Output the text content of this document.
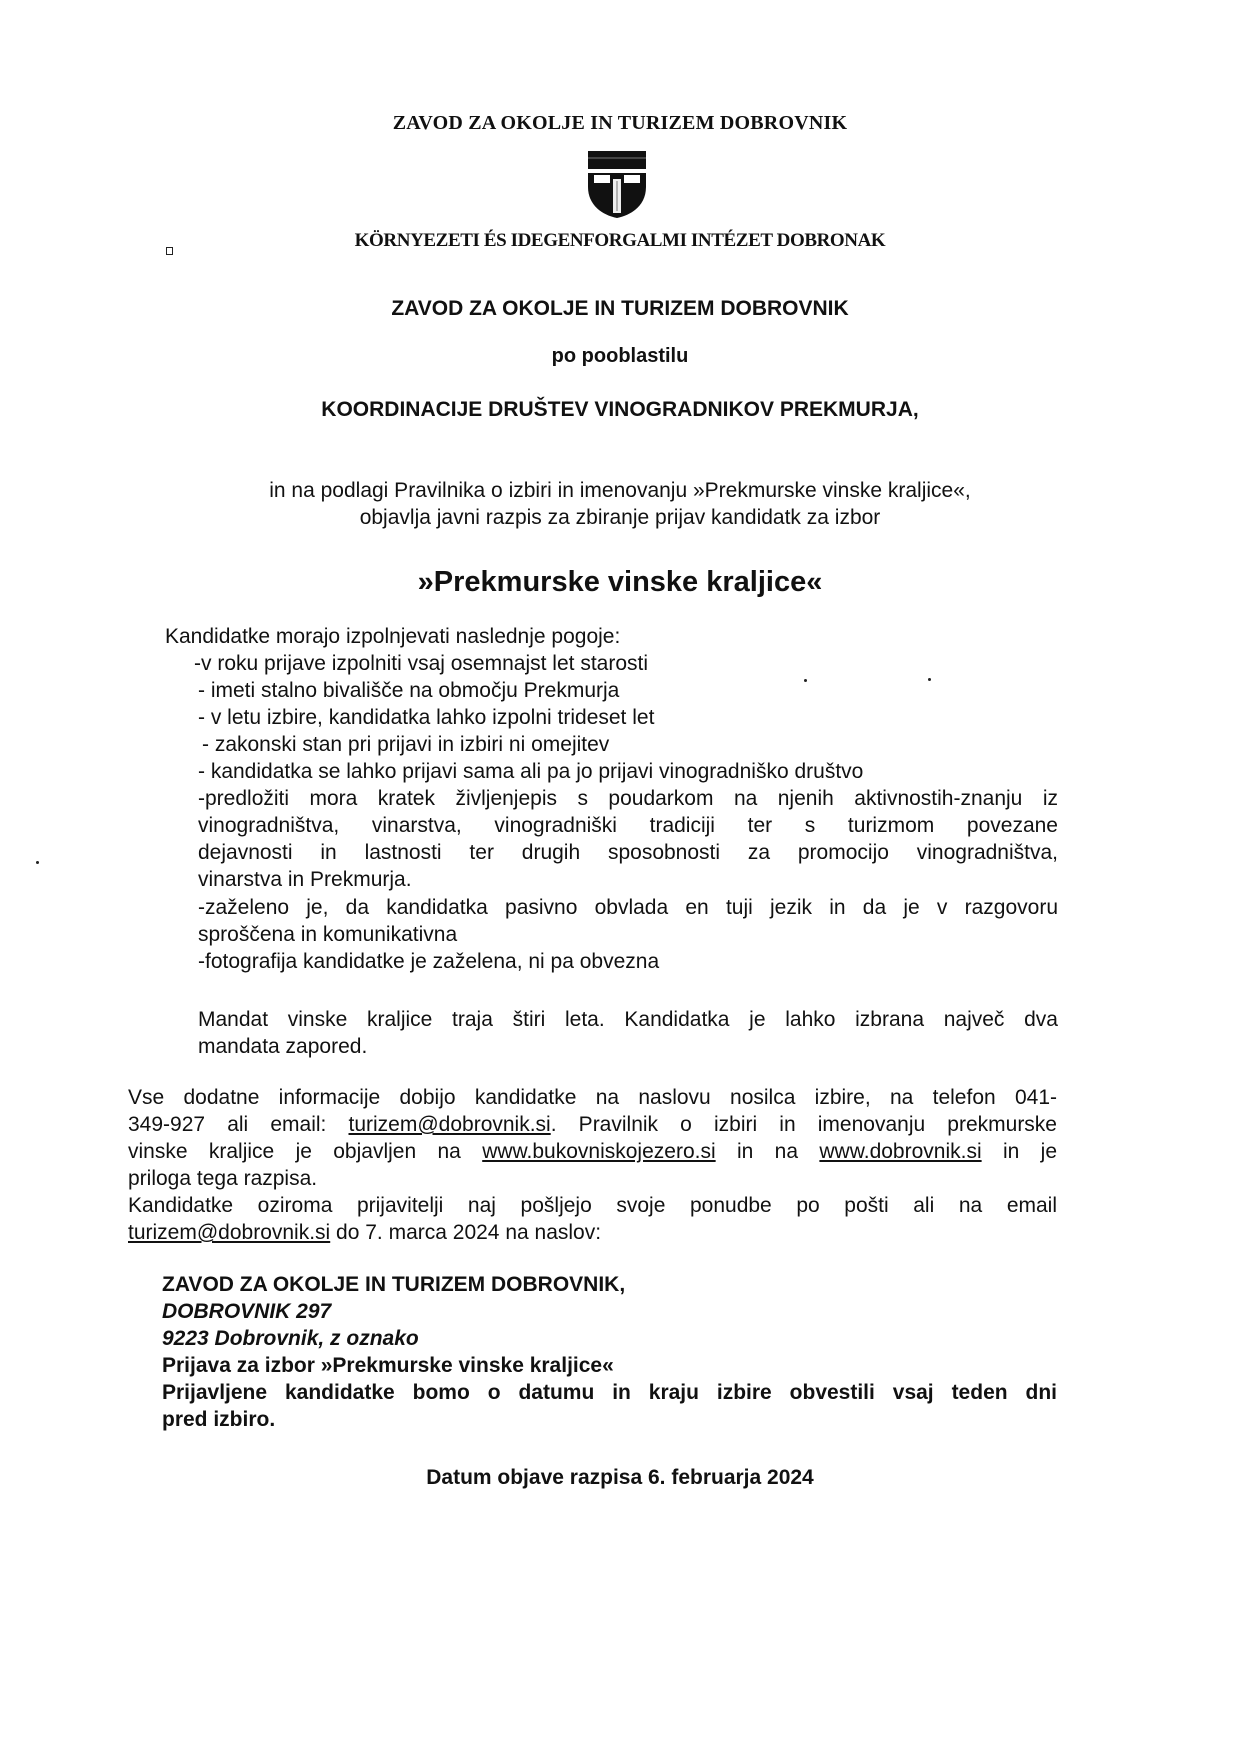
ZAVOD ZA OKOLJE IN TURIZEM DOBROVNIK
KÖRNYEZETI ÉS IDEGENFORGALMI INTÉZET DOBRONAK
ZAVOD ZA OKOLJE IN TURIZEM DOBROVNIK
po pooblastilu
KOORDINACIJE DRUŠTEV VINOGRADNIKOV PREKMURJA,
in na podlagi Pravilnika o izbiri in imenovanju »Prekmurske vinske kraljice«,
objavlja javni razpis za zbiranje prijav kandidatk za izbor
»Prekmurske vinske kraljice«
Kandidatke morajo izpolnjevati naslednje pogoje:
-v roku prijave izpolniti vsaj osemnajst let starosti
- imeti stalno bivališče na območju Prekmurja
- v letu izbire, kandidatka lahko izpolni trideset let
- zakonski stan pri prijavi in izbiri ni omejitev
- kandidatka se lahko prijavi sama ali pa jo prijavi vinogradniško društvo
-predložiti mora kratek življenjepis s poudarkom na njenih aktivnostih-znanju iz
vinogradništva, vinarstva, vinogradniški tradiciji ter s turizmom povezane
dejavnosti in lastnosti ter drugih sposobnosti za promocijo vinogradništva,
vinarstva in Prekmurja.
-zaželeno je, da kandidatka pasivno obvlada en tuji jezik in da je v razgovoru
sproščena in komunikativna
-fotografija kandidatke je zaželena, ni pa obvezna
Mandat vinske kraljice traja štiri leta. Kandidatka je lahko izbrana največ dva
mandata zapored.
Vse dodatne informacije dobijo kandidatke na naslovu nosilca izbire, na telefon 041-
349-927 ali email: turizem@dobrovnik.si. Pravilnik o izbiri in imenovanju prekmurske
vinske kraljice je objavljen na www.bukovniskojezero.si in na www.dobrovnik.si in je
priloga tega razpisa.
Kandidatke oziroma prijavitelji naj pošljejo svoje ponudbe po pošti ali na email
turizem@dobrovnik.si do 7. marca 2024 na naslov:
ZAVOD ZA OKOLJE IN TURIZEM DOBROVNIK,
DOBROVNIK 297
9223 Dobrovnik, z oznako
Prijava za izbor »Prekmurske vinske kraljice«
Prijavljene kandidatke bomo o datumu in kraju izbire obvestili vsaj teden dni
pred izbiro.
Datum objave razpisa 6. februarja 2024
